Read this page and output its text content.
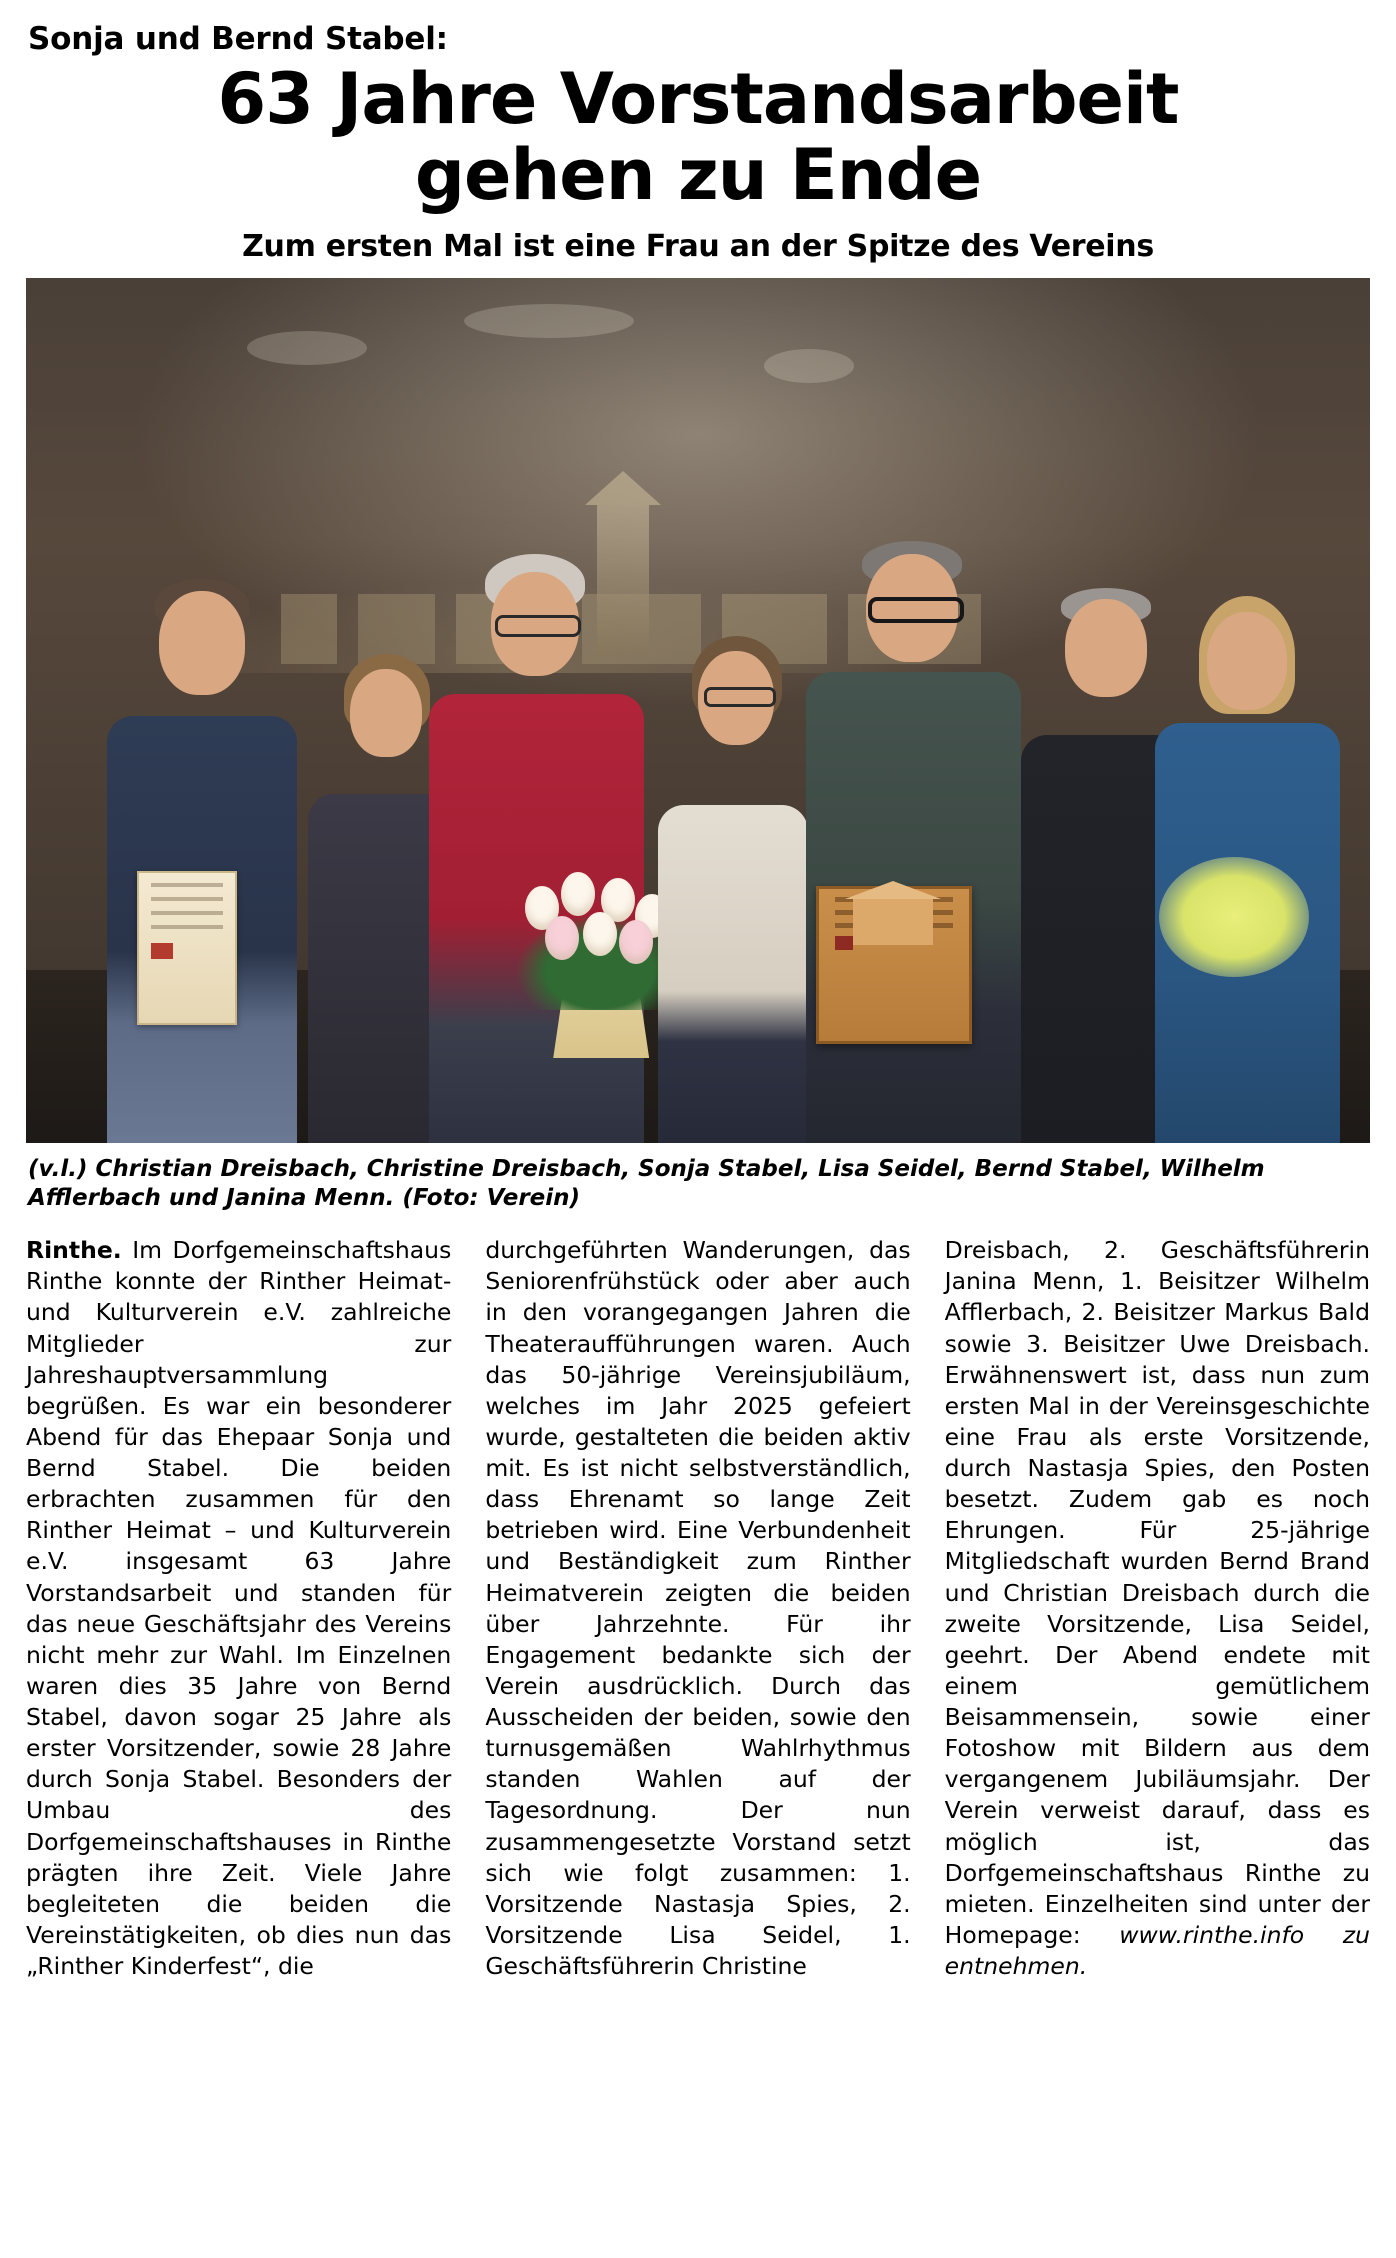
Sonja und Bernd Stabel:
63 Jahre Vorstandsarbeit
gehen zu Ende
Zum ersten Mal ist eine Frau an der Spitze des Vereins
(v.l.) Christian Dreisbach, Christine Dreisbach, Sonja Stabel, Lisa Seidel, Bernd Stabel, Wilhelm Afflerbach und Janina Menn. (Foto: Verein)

Rinthe. Im Dorfgemeinschaftshaus Rinthe konnte der Rinther Heimat- und Kulturverein e.V. zahlreiche Mitglieder zur Jahreshauptversammlung begrüßen. Es war ein besonderer Abend für das Ehepaar Sonja und Bernd Stabel. Die beiden erbrachten zusammen für den Rinther Heimat – und Kulturverein e.V. insgesamt 63 Jahre Vorstandsarbeit und standen für das neue Geschäftsjahr des Vereins nicht mehr zur Wahl. Im Einzelnen waren dies 35 Jahre von Bernd Stabel, davon sogar 25 Jahre als erster Vorsitzender, sowie 28 Jahre durch Sonja Stabel. Besonders der Umbau des Dorfgemeinschaftshauses in Rinthe prägten ihre Zeit. Viele Jahre begleiteten die beiden die Vereinstätigkeiten, ob dies nun das „Rinther Kinderfest“, die

durchgeführten Wanderungen, das Seniorenfrühstück oder aber auch in den vorangegangen Jahren die Theateraufführungen waren. Auch das 50-jährige Vereinsjubiläum, welches im Jahr 2025 gefeiert wurde, gestalteten die beiden aktiv mit. Es ist nicht selbstverständlich, dass Ehrenamt so lange Zeit betrieben wird. Eine Verbundenheit und Beständigkeit zum Rinther Heimatverein zeigten die beiden über Jahrzehnte. Für ihr Engagement bedankte sich der Verein ausdrücklich. Durch das Ausscheiden der beiden, sowie den turnusgemäßen Wahlrhythmus standen Wahlen auf der Tagesordnung. Der nun zusammengesetzte Vorstand setzt sich wie folgt zusammen: 1. Vorsitzende Nastasja Spies, 2. Vorsitzende Lisa Seidel, 1. Geschäftsführerin Christine

Dreisbach, 2. Geschäftsführerin Janina Menn, 1. Beisitzer Wilhelm Afflerbach, 2. Beisitzer Markus Bald sowie 3. Beisitzer Uwe Dreisbach. Erwähnenswert ist, dass nun zum ersten Mal in der Vereinsgeschichte eine Frau als erste Vorsitzende, durch Nastasja Spies, den Posten besetzt. Zudem gab es noch Ehrungen. Für 25-jährige Mitgliedschaft wurden Bernd Brand und Christian Dreisbach durch die zweite Vorsitzende, Lisa Seidel, geehrt. Der Abend endete mit einem gemütlichem Beisammensein, sowie einer Fotoshow mit Bildern aus dem vergangenem Jubiläumsjahr. Der Verein verweist darauf, dass es möglich ist, das Dorfgemeinschaftshaus Rinthe zu mieten. Einzelheiten sind unter der Homepage: www.rinthe.info zu entnehmen.
